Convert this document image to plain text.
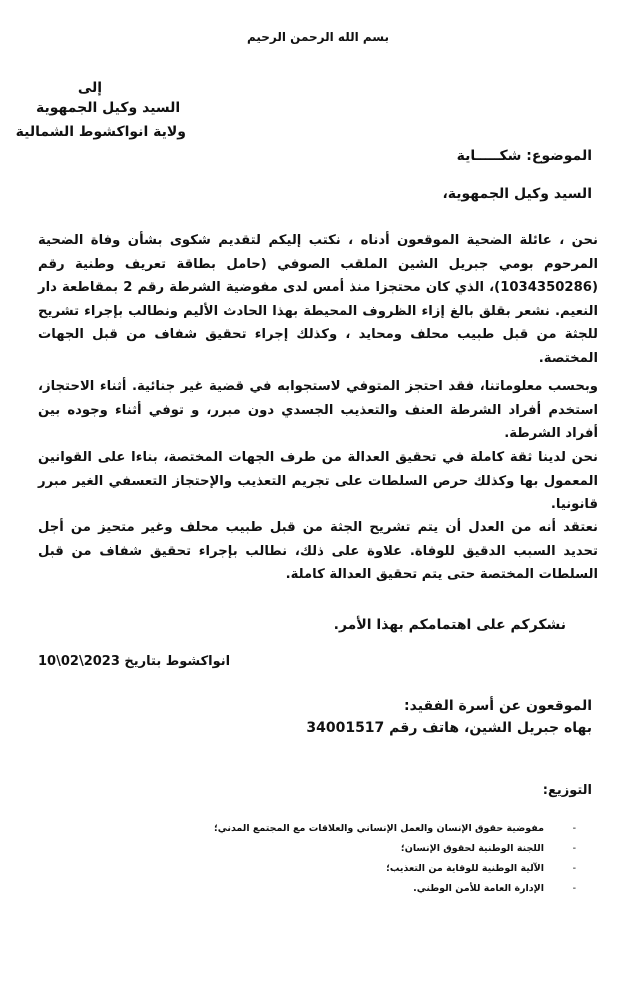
بسم الله الرحمن الرحيم
إلى
السيد وكيل الجمهوية
ولاية انواكشوط الشمالية
الموضوع: شكـــــاية
السيد وكيل الجمهوية،
نحن ، عائلة الضحية الموقعون أدناه ، نكتب إليكم لتقديم شكوى بشأن وفاة الضحية المرحوم بومي جبريل الشين الملقب الصوفي (حامل بطاقة تعريف وطنية رقم (1034350286)، الذي كان محتجزا منذ أمس لدى مفوضية الشرطة رقم 2 بمقاطعة دار النعيم. نشعر بقلق بالغ إزاء الظروف المحيطة بهذا الحادث الأليم ونطالب بإجراء تشريح للجثة من قبل طبيب محلف ومحايد ، وكذلك إجراء تحقيق شفاف من قبل الجهات المختصة.
وبحسب معلوماتنا، فقد احتجز المتوفي لاستجوابه في قضية غير جنائية. أثناء الاحتجاز، استخدم أفراد الشرطة العنف والتعذيب الجسدي دون مبرر، و توفي أثناء وجوده بين أفراد الشرطة.
نحن لدينا ثقة كاملة في تحقيق العدالة من طرف الجهات المختصة، بناءا على القوانين المعمول بها وكذلك حرص السلطات على تجريم التعذيب والإحتجاز التعسفي الغير مبرر قانونيا.
نعتقد أنه من العدل أن يتم تشريح الجثة من قبل طبيب محلف وغير متحيز من أجل تحديد السبب الدقيق للوفاة. علاوة على ذلك، نطالب بإجراء تحقيق شفاف من قبل السلطات المختصة حتى يتم تحقيق العدالة كاملة.
نشكركم على اهتمامكم بهذا الأمر.
انواكشوط بتاريخ 2023\02\10
الموقعون عن أسرة الفقيد:
بهاه جبريل الشين، هاتف رقم 34001517
التوزيع:
-مفوضية حقوق الإنسان والعمل الإنساني والعلاقات مع المجتمع المدني؛
-اللجنة الوطنية لحقوق الإنسان؛
-الآلية الوطنية للوقاية من التعذيب؛
-الإدارة العامة للأمن الوطني.
